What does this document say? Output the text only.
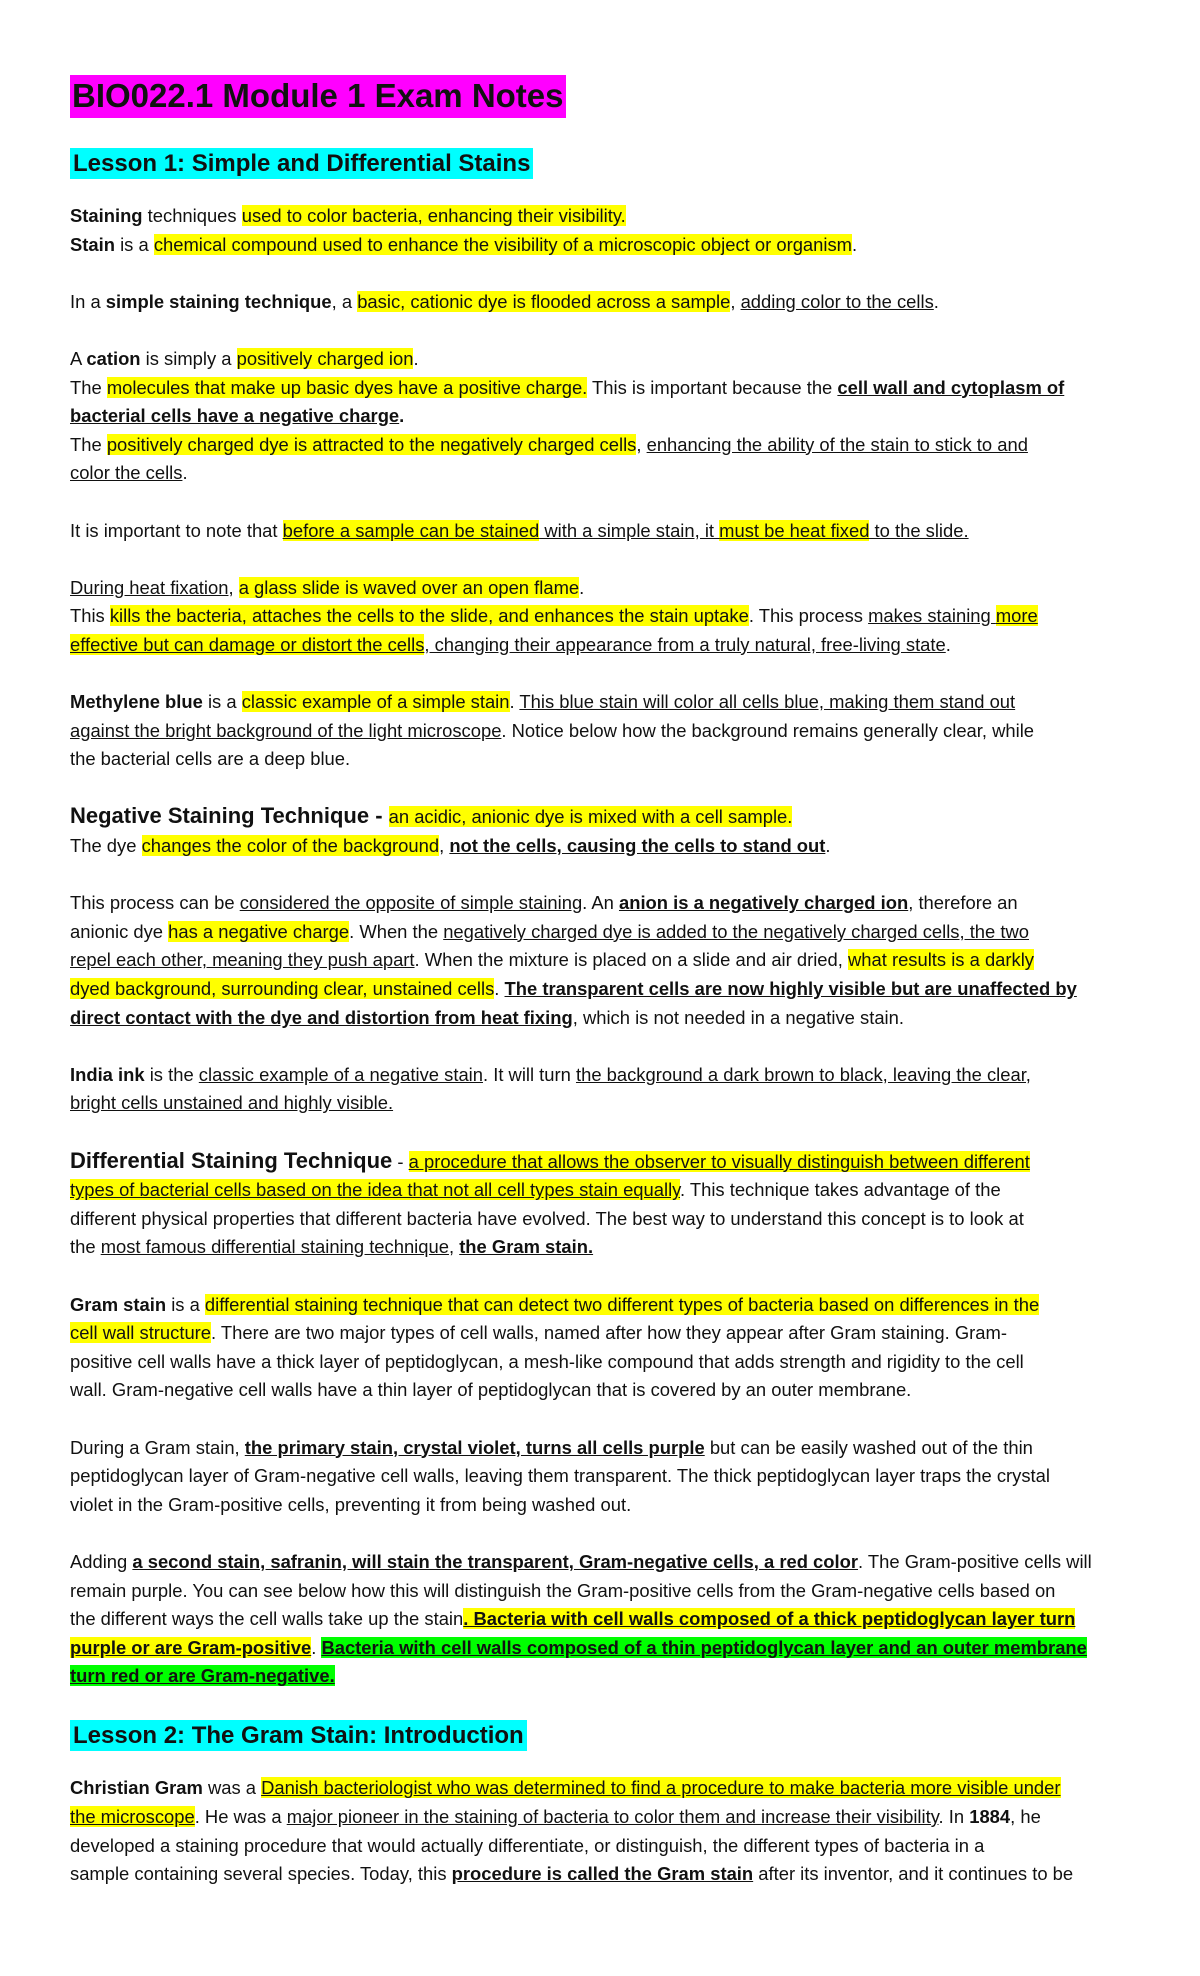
BIO022.1 Module 1 Exam Notes
Lesson 1: Simple and Differential Stains
Staining techniques used to color bacteria, enhancing their visibility.
Stain is a chemical compound used to enhance the visibility of a microscopic object or organism.
In a simple staining technique, a basic, cationic dye is flooded across a sample, adding color to the cells.
A cation is simply a positively charged ion.
The molecules that make up basic dyes have a positive charge. This is important because the cell wall and cytoplasm of
bacterial cells have a negative charge.
The positively charged dye is attracted to the negatively charged cells, enhancing the ability of the stain to stick to and
color the cells.
It is important to note that before a sample can be stained with a simple stain, it must be heat fixed to the slide.
During heat fixation, a glass slide is waved over an open flame.
This kills the bacteria, attaches the cells to the slide, and enhances the stain uptake. This process makes staining more
effective but can damage or distort the cells, changing their appearance from a truly natural, free-living state.
Methylene blue is a classic example of a simple stain. This blue stain will color all cells blue, making them stand out
against the bright background of the light microscope. Notice below how the background remains generally clear, while
the bacterial cells are a deep blue.
Negative Staining Technique - an acidic, anionic dye is mixed with a cell sample.
The dye changes the color of the background, not the cells, causing the cells to stand out.
This process can be considered the opposite of simple staining. An anion is a negatively charged ion, therefore an
anionic dye has a negative charge. When the negatively charged dye is added to the negatively charged cells, the two
repel each other, meaning they push apart. When the mixture is placed on a slide and air dried, what results is a darkly
dyed background, surrounding clear, unstained cells. The transparent cells are now highly visible but are unaffected by
direct contact with the dye and distortion from heat fixing, which is not needed in a negative stain.
India ink is the classic example of a negative stain. It will turn the background a dark brown to black, leaving the clear,
bright cells unstained and highly visible.
Differential Staining Technique - a procedure that allows the observer to visually distinguish between different
types of bacterial cells based on the idea that not all cell types stain equally. This technique takes advantage of the
different physical properties that different bacteria have evolved. The best way to understand this concept is to look at
the most famous differential staining technique, the Gram stain.
Gram stain is a differential staining technique that can detect two different types of bacteria based on differences in the
cell wall structure. There are two major types of cell walls, named after how they appear after Gram staining. Gram-
positive cell walls have a thick layer of peptidoglycan, a mesh-like compound that adds strength and rigidity to the cell
wall. Gram-negative cell walls have a thin layer of peptidoglycan that is covered by an outer membrane.
During a Gram stain, the primary stain, crystal violet, turns all cells purple but can be easily washed out of the thin
peptidoglycan layer of Gram-negative cell walls, leaving them transparent. The thick peptidoglycan layer traps the crystal
violet in the Gram-positive cells, preventing it from being washed out.
Adding a second stain, safranin, will stain the transparent, Gram-negative cells, a red color. The Gram-positive cells will
remain purple. You can see below how this will distinguish the Gram-positive cells from the Gram-negative cells based on
the different ways the cell walls take up the stain. Bacteria with cell walls composed of a thick peptidoglycan layer turn
purple or are Gram-positive. Bacteria with cell walls composed of a thin peptidoglycan layer and an outer membrane
turn red or are Gram-negative.
Lesson 2: The Gram Stain: Introduction
Christian Gram was a Danish bacteriologist who was determined to find a procedure to make bacteria more visible under
the microscope. He was a major pioneer in the staining of bacteria to color them and increase their visibility. In 1884, he
developed a staining procedure that would actually differentiate, or distinguish, the different types of bacteria in a
sample containing several species. Today, this procedure is called the Gram stain after its inventor, and it continues to be
